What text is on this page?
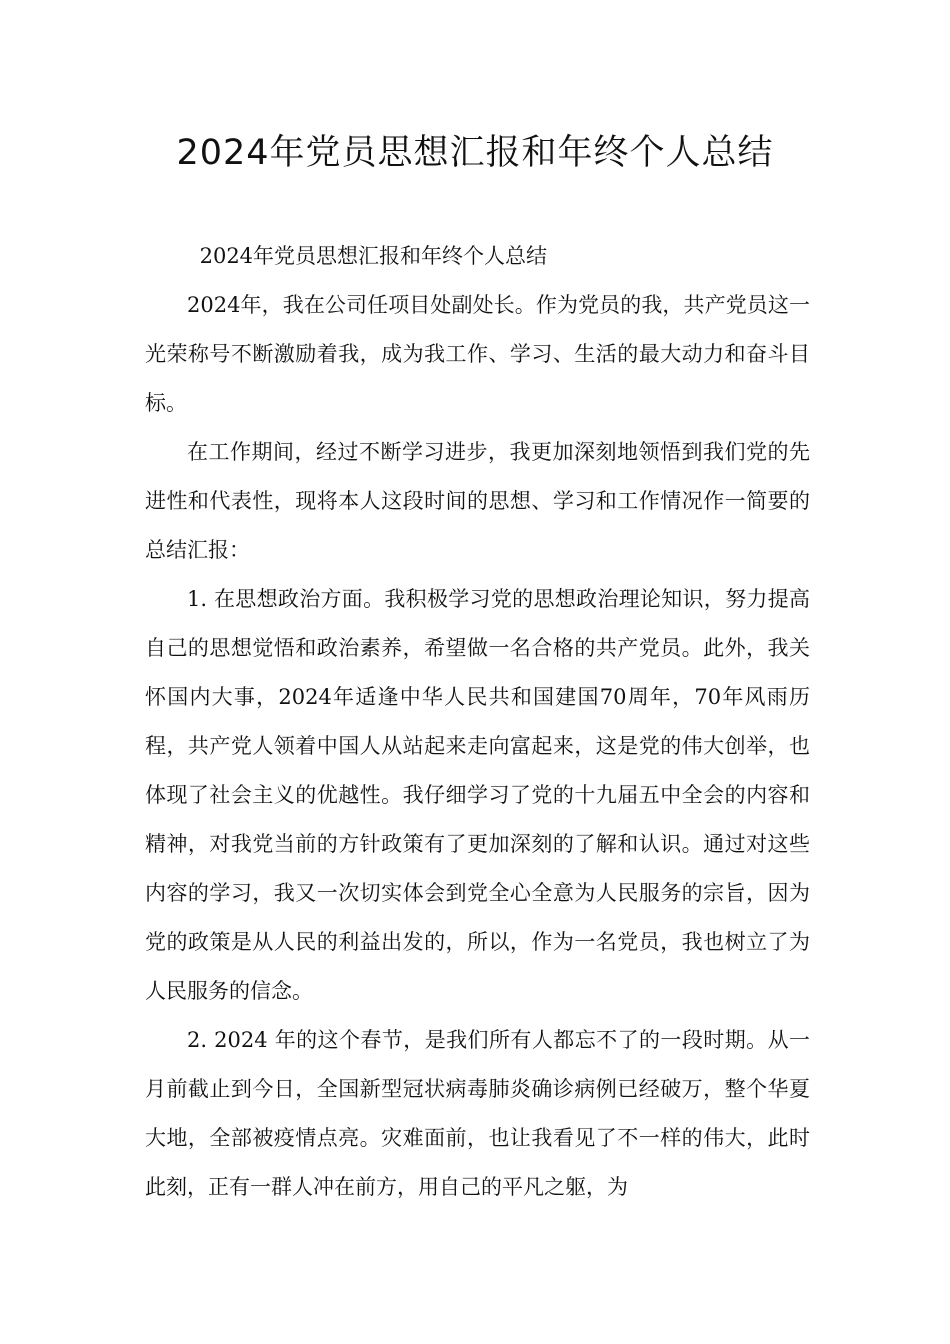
2024年党员思想汇报和年终个人总结

2024年党员思想汇报和年终个人总结

2024年，我在公司任项目处副处长。作为党员的我，共产党员这一光荣称号不断激励着我，成为我工作、学习、生活的最大动力和奋斗目标。

在工作期间，经过不断学习进步，我更加深刻地领悟到我们党的先进性和代表性，现将本人这段时间的思想、学习和工作情况作一简要的总结汇报：

1. 在思想政治方面。我积极学习党的思想政治理论知识，努力提高自己的思想觉悟和政治素养，希望做一名合格的共产党员。此外，我关怀国内大事，2024年适逢中华人民共和国建国70周年，70年风雨历程，共产党人领着中国人从站起来走向富起来，这是党的伟大创举，也体现了社会主义的优越性。我仔细学习了党的十九届五中全会的内容和精神，对我党当前的方针政策有了更加深刻的了解和认识。通过对这些内容的学习，我又一次切实体会到党全心全意为人民服务的宗旨，因为党的政策是从人民的利益出发的，所以，作为一名党员，我也树立了为人民服务的信念。

2. 2024 年的这个春节，是我们所有人都忘不了的一段时期。从一月前截止到今日，全国新型冠状病毒肺炎确诊病例已经破万，整个华夏大地，全部被疫情点亮。灾难面前，也让我看见了不一样的伟大，此时此刻，正有一群人冲在前方，用自己的平凡之躯，为
